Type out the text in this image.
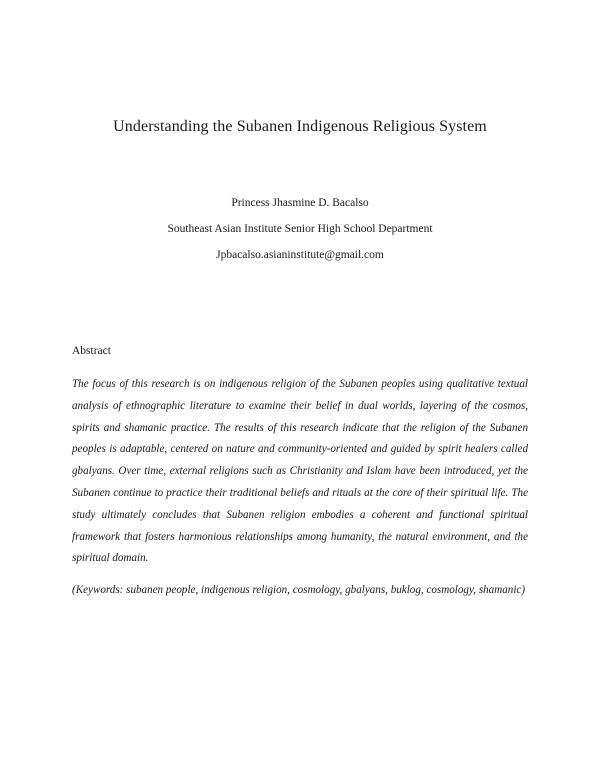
Understanding the Subanen Indigenous Religious System
Princess Jhasmine D. Bacalso
Southeast Asian Institute Senior High School Department
Jpbacalso.asianinstitute@gmail.com

Abstract

The focus of this research is on indigenous religion of the Subanen peoples using qualitative textual analysis of ethnographic literature to examine their belief in dual worlds, layering of the cosmos, spirits and shamanic practice. The results of this research indicate that the religion of the Subanen peoples is adaptable, centered on nature and community-oriented and guided by spirit healers called gbalyans. Over time, external religions such as Christianity and Islam have been introduced, yet the Subanen continue to practice their traditional beliefs and rituals at the core of their spiritual life. The study ultimately concludes that Subanen religion embodies a coherent and functional spiritual framework that fosters harmonious relationships among humanity, the natural environment, and the spiritual domain.

(Keywords: subanen people, indigenous religion, cosmology, gbalyans, buklog, cosmology, shamanic)
